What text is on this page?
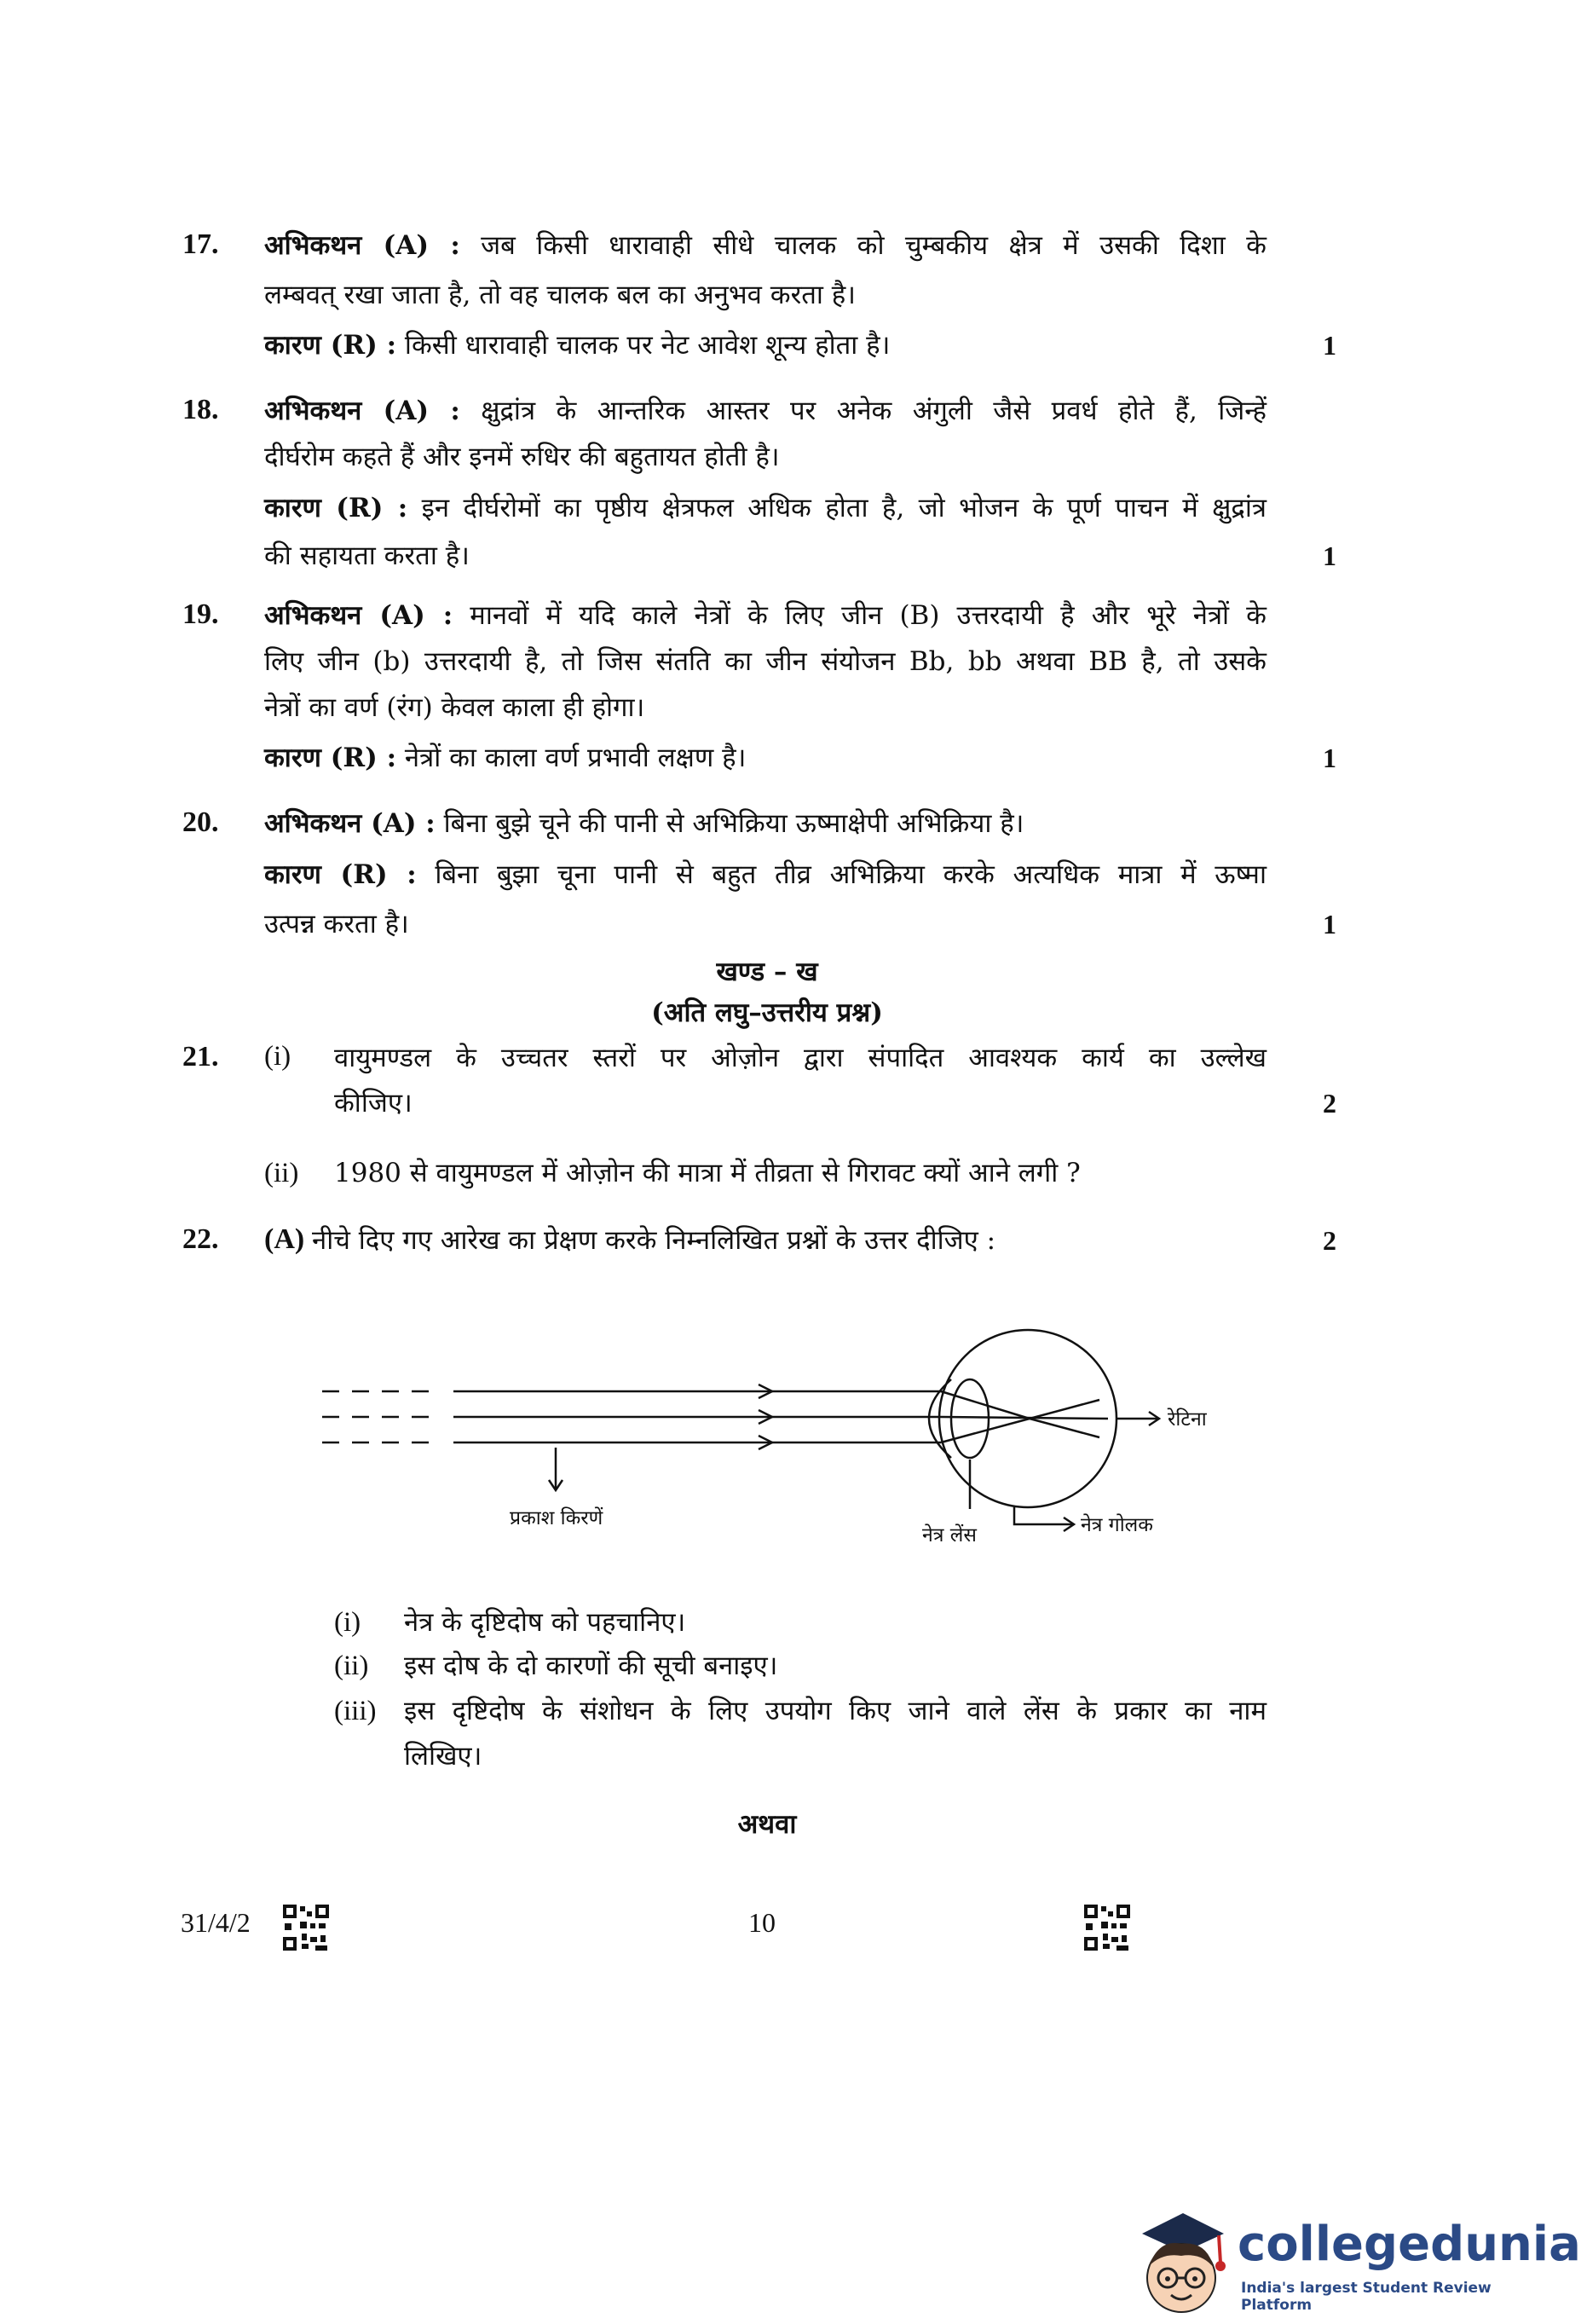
17. अभिकथन (A) : जब किसी धारावाही सीधे चालक को चुम्बकीय क्षेत्र में उसकी दिशा के
लम्बवत् रखा जाता है, तो वह चालक बल का अनुभव करता है।
कारण (R) : किसी धारावाही चालक पर नेट आवेश शून्य होता है।	1
18. अभिकथन (A) : क्षुद्रांत्र के आन्तरिक आस्तर पर अनेक अंगुली जैसे प्रवर्ध होते हैं, जिन्हें
दीर्घरोम कहते हैं और इनमें रुधिर की बहुतायत होती है।
कारण (R) : इन दीर्घरोमों का पृष्ठीय क्षेत्रफल अधिक होता है, जो भोजन के पूर्ण पाचन में क्षुद्रांत्र
की सहायता करता है।	1
19. अभिकथन (A) : मानवों में यदि काले नेत्रों के लिए जीन (B) उत्तरदायी है और भूरे नेत्रों के
लिए जीन (b) उत्तरदायी है, तो जिस संतति का जीन संयोजन Bb, bb अथवा BB है, तो उसके
नेत्रों का वर्ण (रंग) केवल काला ही होगा।
कारण (R) : नेत्रों का काला वर्ण प्रभावी लक्षण है।	1
20. अभिकथन (A) : बिना बुझे चूने की पानी से अभिक्रिया ऊष्माक्षेपी अभिक्रिया है।
कारण (R) : बिना बुझा चूना पानी से बहुत तीव्र अभिक्रिया करके अत्यधिक मात्रा में ऊष्मा
उत्पन्न करता है।	1
खण्ड – ख
(अति लघु–उत्तरीय प्रश्न)
21. (i) वायुमण्डल के उच्चतर स्तरों पर ओज़ोन द्वारा संपादित आवश्यक कार्य का उल्लेख
कीजिए।	2
(ii) 1980 से वायुमण्डल में ओज़ोन की मात्रा में तीव्रता से गिरावट क्यों आने लगी ?
22. (A) नीचे दिए गए आरेख का प्रेक्षण करके निम्नलिखित प्रश्नों के उत्तर दीजिए :	2
प्रकाश किरणें
नेत्र लेंस	नेत्र गोलक
रेटिना
(i) नेत्र के दृष्टिदोष को पहचानिए।
(ii) इस दोष के दो कारणों की सूची बनाइए।
(iii) इस दृष्टिदोष के संशोधन के लिए उपयोग किए जाने वाले लेंस के प्रकार का नाम
लिखिए।
अथवा
31/4/2	10
collegedunia
India's largest Student Review Platform
